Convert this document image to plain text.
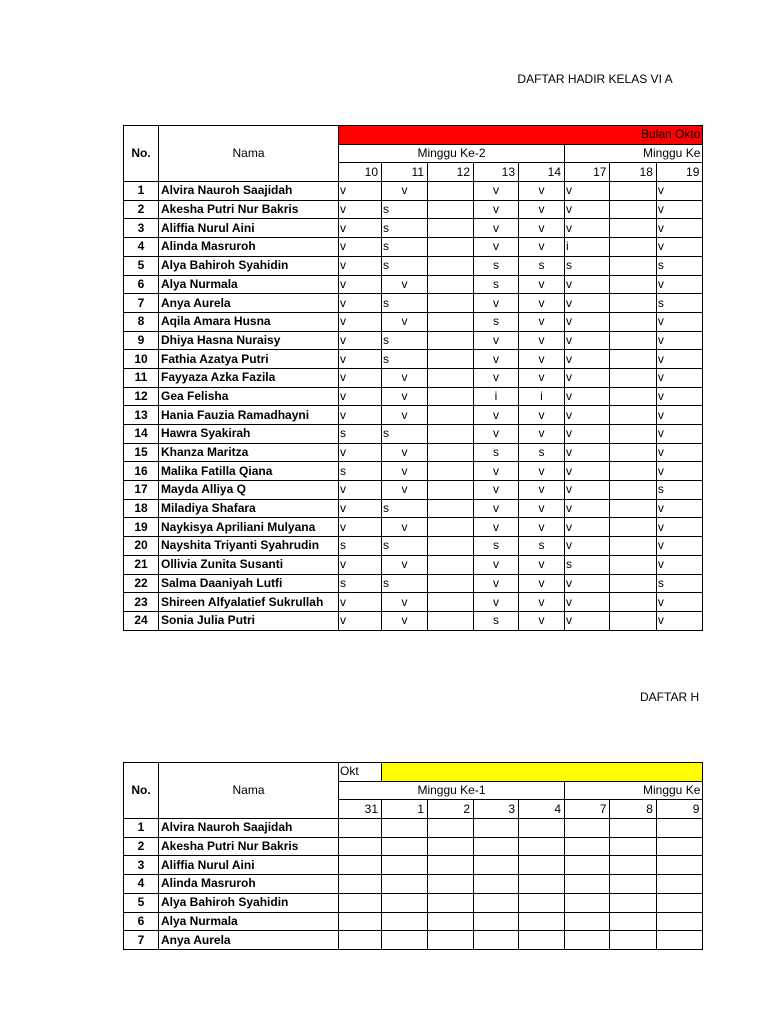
DAFTAR HADIR KELAS VI A
No.	Nama	Bulan Okto							
		Minggu Ke-2					Minggu Ke		
		10	11	12	13	14	17	18	19
1	Alvira Nauroh Saajidah	v	v		v	v	v		v
2	Akesha Putri Nur Bakris	v	s		v	v	v		v
3	Aliffia Nurul Aini	v	s		v	v	v		v
4	Alinda Masruroh	v	s		v	v	i		v
5	Alya Bahiroh Syahidin	v	s		s	s	s		s
6	Alya Nurmala	v	v		s	v	v		v
7	Anya Aurela	v	s		v	v	v		s
8	Aqila Amara Husna	v	v		s	v	v		v
9	Dhiya Hasna Nuraisy	v	s		v	v	v		v
10	Fathia Azatya Putri	v	s		v	v	v		v
11	Fayyaza Azka Fazila	v	v		v	v	v		v
12	Gea Felisha	v	v		i	i	v		v
13	Hania Fauzia Ramadhayni	v	v		v	v	v		v
14	Hawra Syakirah	s	s		v	v	v		v
15	Khanza Maritza	v	v		s	s	v		v
16	Malika Fatilla Qiana	s	v		v	v	v		v
17	Mayda Alliya Q	v	v		v	v	v		s
18	Miladiya Shafara	v	s		v	v	v		v
19	Naykisya Apriliani Mulyana	v	v		v	v	v		v
20	Nayshita Triyanti Syahrudin	s	s		s	s	v		v
21	Ollivia Zunita Susanti	v	v		v	v	s		v
22	Salma Daaniyah Lutfi	s	s		v	v	v		s
23	Shireen Alfyalatief Sukrullah	v	v		v	v	v		v
24	Sonia Julia Putri	v	v		s	v	v		v
DAFTAR H
No.	Nama	Okt							
		Minggu Ke-1					Minggu Ke		
		31	1	2	3	4	7	8	9
1	Alvira Nauroh Saajidah								
2	Akesha Putri Nur Bakris								
3	Aliffia Nurul Aini								
4	Alinda Masruroh								
5	Alya Bahiroh Syahidin								
6	Alya Nurmala								
7	Anya Aurela								
